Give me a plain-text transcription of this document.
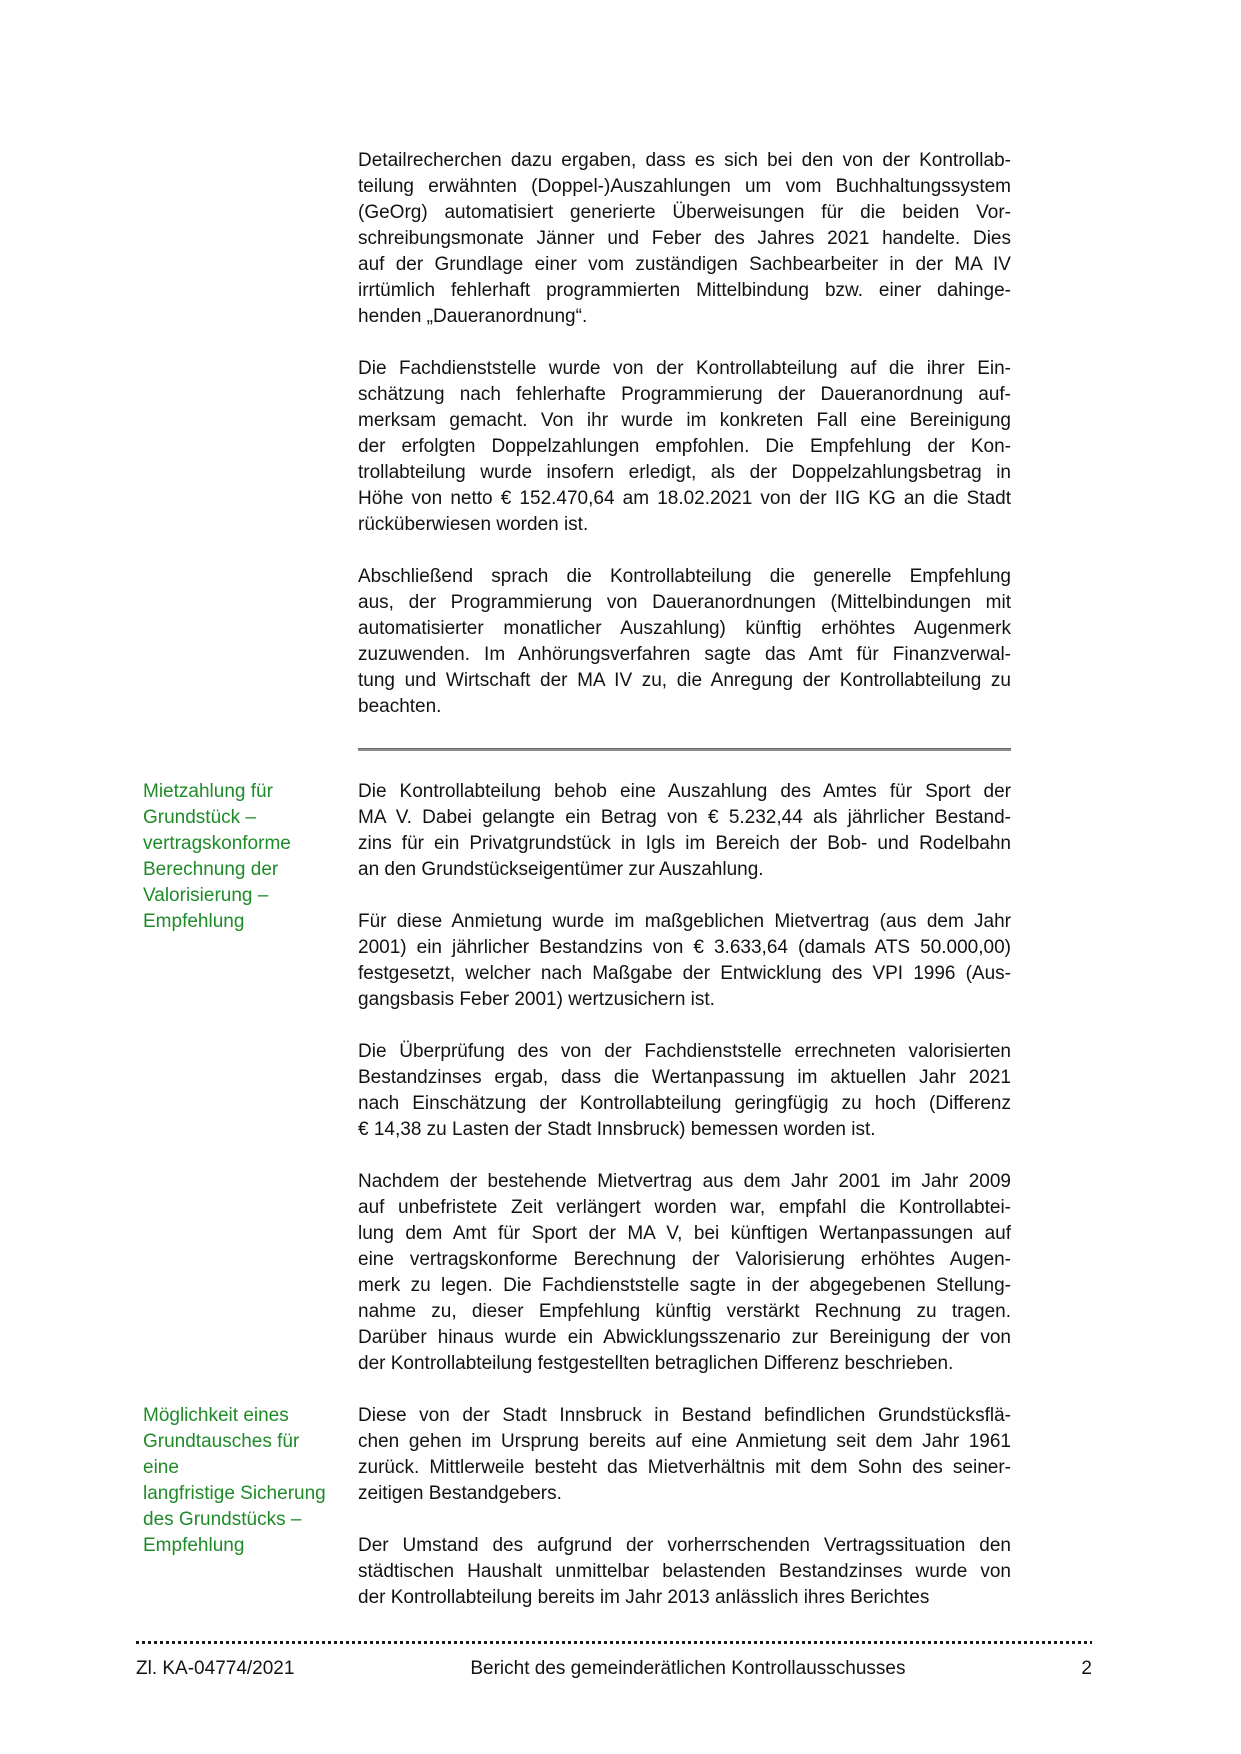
Detailrecherchen dazu ergaben, dass es sich bei den von der Kontrollab-
teilung erwähnten (Doppel-)Auszahlungen um vom Buchhaltungssystem
(GeOrg) automatisiert generierte Überweisungen für die beiden Vor-
schreibungsmonate Jänner und Feber des Jahres 2021 handelte. Dies
auf der Grundlage einer vom zuständigen Sachbearbeiter in der MA IV
irrtümlich fehlerhaft programmierten Mittelbindung bzw. einer dahinge-
henden „Daueranordnung“.
Die Fachdienststelle wurde von der Kontrollabteilung auf die ihrer Ein-
schätzung nach fehlerhafte Programmierung der Daueranordnung auf-
merksam gemacht. Von ihr wurde im konkreten Fall eine Bereinigung
der erfolgten Doppelzahlungen empfohlen. Die Empfehlung der Kon-
trollabteilung wurde insofern erledigt, als der Doppelzahlungsbetrag in
Höhe von netto € 152.470,64 am 18.02.2021 von der IIG KG an die Stadt
rücküberwiesen worden ist.
Abschließend sprach die Kontrollabteilung die generelle Empfehlung
aus, der Programmierung von Daueranordnungen (Mittelbindungen mit
automatisierter monatlicher Auszahlung) künftig erhöhtes Augenmerk
zuzuwenden. Im Anhörungsverfahren sagte das Amt für Finanzverwal-
tung und Wirtschaft der MA IV zu, die Anregung der Kontrollabteilung zu
beachten.
Mietzahlung für
Grundstück –
vertragskonforme
Berechnung der
Valorisierung –
Empfehlung
Die Kontrollabteilung behob eine Auszahlung des Amtes für Sport der
MA V. Dabei gelangte ein Betrag von € 5.232,44 als jährlicher Bestand-
zins für ein Privatgrundstück in Igls im Bereich der Bob- und Rodelbahn
an den Grundstückseigentümer zur Auszahlung.
Für diese Anmietung wurde im maßgeblichen Mietvertrag (aus dem Jahr
2001) ein jährlicher Bestandzins von € 3.633,64 (damals ATS 50.000,00)
festgesetzt, welcher nach Maßgabe der Entwicklung des VPI 1996 (Aus-
gangsbasis Feber 2001) wertzusichern ist.
Die Überprüfung des von der Fachdienststelle errechneten valorisierten
Bestandzinses ergab, dass die Wertanpassung im aktuellen Jahr 2021
nach Einschätzung der Kontrollabteilung geringfügig zu hoch (Differenz
€ 14,38 zu Lasten der Stadt Innsbruck) bemessen worden ist.
Nachdem der bestehende Mietvertrag aus dem Jahr 2001 im Jahr 2009
auf unbefristete Zeit verlängert worden war, empfahl die Kontrollabtei-
lung dem Amt für Sport der MA V, bei künftigen Wertanpassungen auf
eine vertragskonforme Berechnung der Valorisierung erhöhtes Augen-
merk zu legen. Die Fachdienststelle sagte in der abgegebenen Stellung-
nahme zu, dieser Empfehlung künftig verstärkt Rechnung zu tragen.
Darüber hinaus wurde ein Abwicklungsszenario zur Bereinigung der von
der Kontrollabteilung festgestellten betraglichen Differenz beschrieben.
Möglichkeit eines
Grundtausches für eine
langfristige Sicherung
des Grundstücks –
Empfehlung
Diese von der Stadt Innsbruck in Bestand befindlichen Grundstücksflä-
chen gehen im Ursprung bereits auf eine Anmietung seit dem Jahr 1961
zurück. Mittlerweile besteht das Mietverhältnis mit dem Sohn des seiner-
zeitigen Bestandgebers.
Der Umstand des aufgrund der vorherrschenden Vertragssituation den
städtischen Haushalt unmittelbar belastenden Bestandzinses wurde von
der Kontrollabteilung bereits im Jahr 2013 anlässlich ihres Berichtes
Zl. KA-04774/2021	Bericht des gemeinderätlichen Kontrollausschusses	2
